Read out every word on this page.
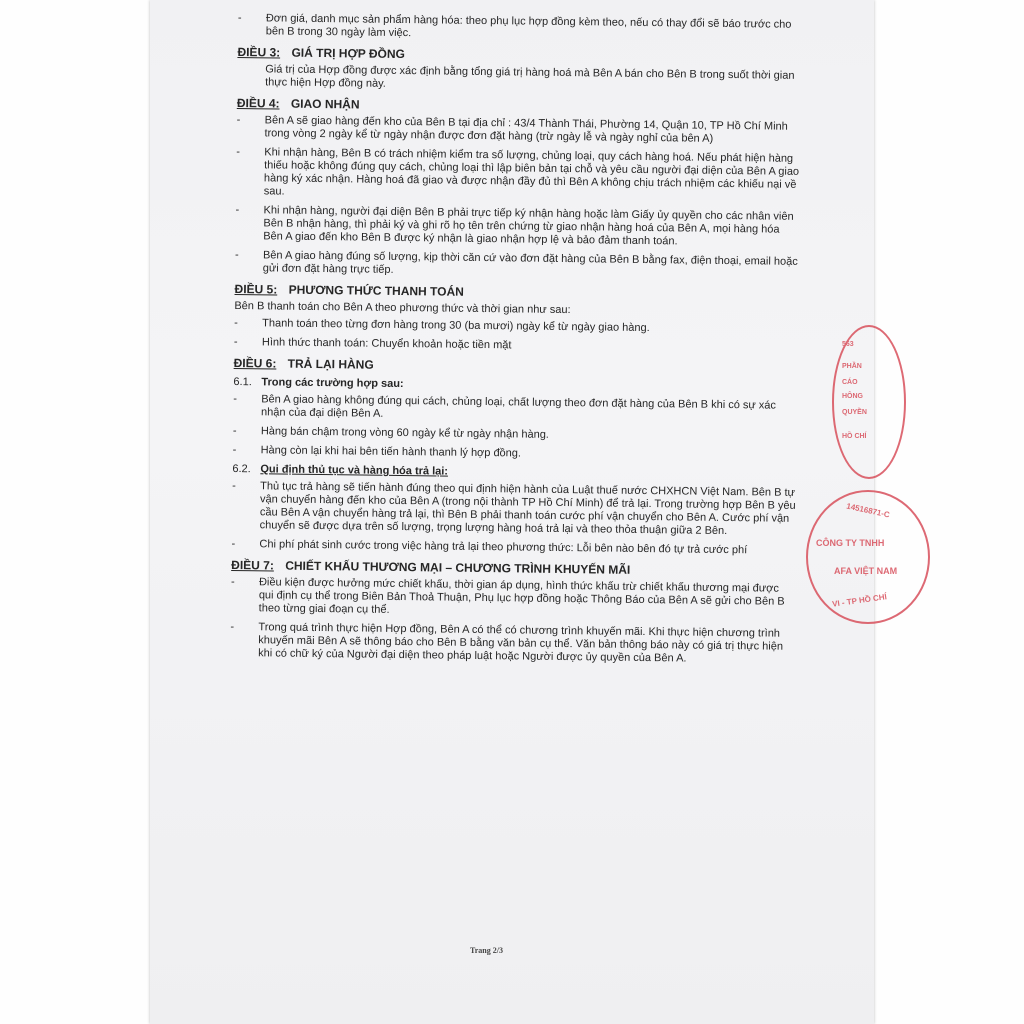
- Đơn giá, danh mục sản phẩm hàng hóa: theo phụ lục hợp đồng kèm theo, nếu có thay đổi sẽ báo trước cho bên B trong 30 ngày làm việc.
ĐIỀU 3: GIÁ TRỊ HỢP ĐỒNG
Giá trị của Hợp đồng được xác định bằng tổng giá trị hàng hoá mà Bên A bán cho Bên B trong suốt thời gian thực hiện Hợp đồng này.
ĐIỀU 4: GIAO NHẬN
- Bên A sẽ giao hàng đến kho của Bên B tại địa chỉ : 43/4 Thành Thái, Phường 14, Quận 10, TP Hồ Chí Minh trong vòng 2 ngày kể từ ngày nhận được đơn đặt hàng (trừ ngày lễ và ngày nghỉ của bên A)
- Khi nhận hàng, Bên B có trách nhiệm kiểm tra số lượng, chủng loại, quy cách hàng hoá. Nếu phát hiện hàng thiếu hoặc không đúng quy cách, chủng loại thì lập biên bản tại chỗ và yêu cầu người đại diện của Bên A giao hàng ký xác nhận. Hàng hoá đã giao và được nhận đầy đủ thì Bên A không chịu trách nhiệm các khiếu nại về sau.
- Khi nhận hàng, người đại diện Bên B phải trực tiếp ký nhận hàng hoặc làm Giấy ủy quyền cho các nhân viên Bên B nhận hàng, thì phải ký và ghi rõ họ tên trên chứng từ giao nhận hàng hoá của Bên A, mọi hàng hóa Bên A giao đến kho Bên B được ký nhận là giao nhận hợp lệ và bảo đảm thanh toán.
- Bên A giao hàng đúng số lượng, kịp thời căn cứ vào đơn đặt hàng của Bên B bằng fax, điện thoại, email hoặc gửi đơn đặt hàng trực tiếp.
ĐIỀU 5: PHƯƠNG THỨC THANH TOÁN
Bên B thanh toán cho Bên A theo phương thức và thời gian như sau:
- Thanh toán theo từng đơn hàng trong 30 (ba mươi) ngày kể từ ngày giao hàng.
- Hình thức thanh toán: Chuyển khoản hoặc tiền mặt
ĐIỀU 6: TRẢ LẠI HÀNG
6.1. Trong các trường hợp sau:
- Bên A giao hàng không đúng qui cách, chủng loại, chất lượng theo đơn đặt hàng của Bên B khi có sự xác nhận của đại diện Bên A.
- Hàng bán chậm trong vòng 60 ngày kể từ ngày nhận hàng.
- Hàng còn lại khi hai bên tiến hành thanh lý hợp đồng.
6.2. Qui định thủ tục và hàng hóa trả lại:
- Thủ tục trả hàng sẽ tiến hành đúng theo qui định hiện hành của Luật thuế nước CHXHCN Việt Nam. Bên B tự vận chuyển hàng đến kho của Bên A (trong nội thành TP Hồ Chí Minh) để trả lại. Trong trường hợp Bên B yêu cầu Bên A vận chuyển hàng trả lại, thì Bên B phải thanh toán cước phí vận chuyển cho Bên A. Cước phí vận chuyển sẽ được dựa trên số lượng, trọng lượng hàng hoá trả lại và theo thỏa thuận giữa 2 Bên.
- Chi phí phát sinh cước trong việc hàng trả lại theo phương thức: Lỗi bên nào bên đó tự trả cước phí
ĐIỀU 7: CHIẾT KHẤU THƯƠNG MẠI – CHƯƠNG TRÌNH KHUYẾN MÃI
- Điều kiện được hưởng mức chiết khấu, thời gian áp dụng, hình thức khấu trừ chiết khấu thương mại được qui định cụ thể trong Biên Bản Thoả Thuận, Phụ lục hợp đồng hoặc Thông Báo của Bên A sẽ gửi cho Bên B theo từng giai đoạn cụ thể.
- Trong quá trình thực hiện Hợp đồng, Bên A có thể có chương trình khuyến mãi. Khi thực hiện chương trình khuyến mãi Bên A sẽ thông báo cho Bên B bằng văn bản cụ thể. Văn bản thông báo này có giá trị thực hiện khi có chữ ký của Người đại diện theo pháp luật hoặc Người được ủy quyền của Bên A.
Trang 2/3
563
PHẦN
CÁO
HÔNG
QUYỀN
HỒ CHÍ
14516871-C
CÔNG TY TNHH
AFA VIỆT NAM
VI - TP HỒ CHÍ
